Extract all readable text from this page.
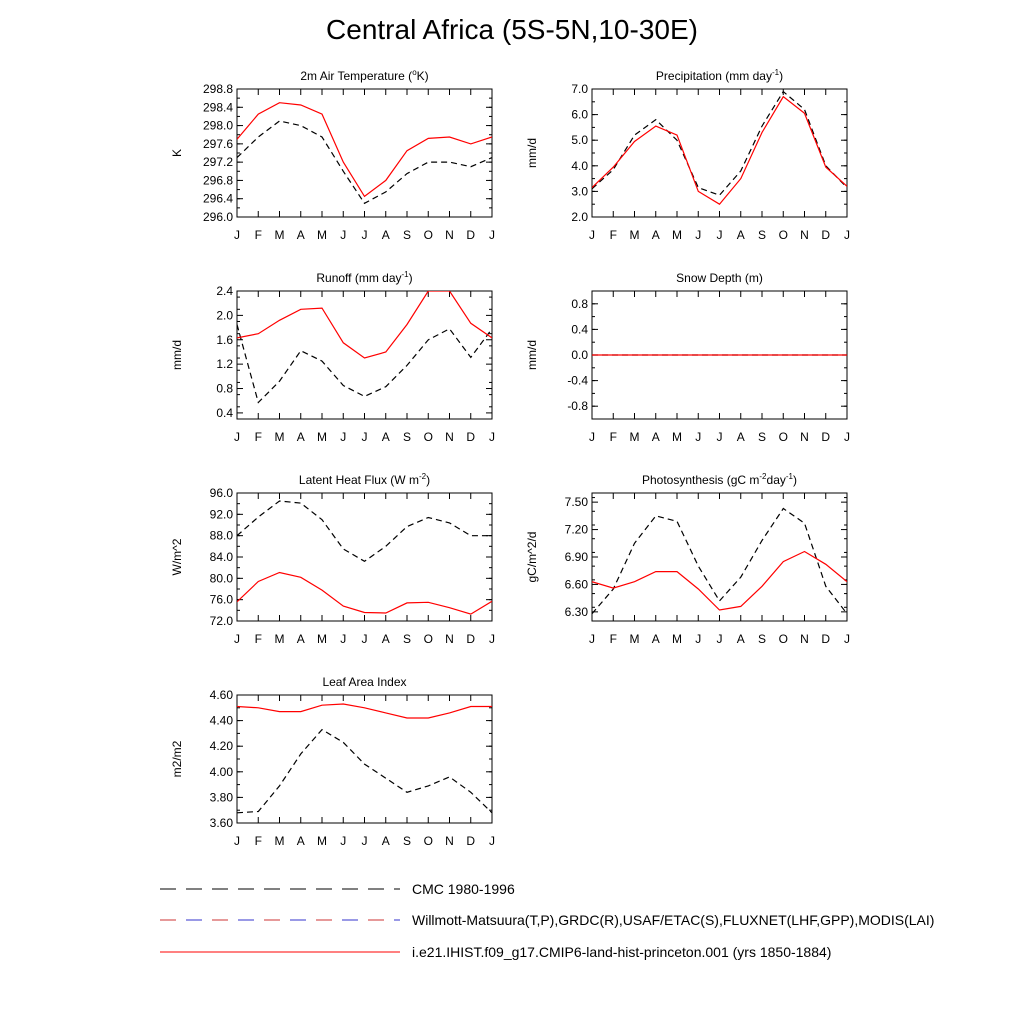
Central Africa (5S-5N,10-30E)
2m Air Temperature ($^o$K)
K
296.0
296.4
296.8
297.2
297.6
298.0
298.4
298.8
J F M A M J J A S O N D J
Precipitation (mm day$^{-1}$)
mm/d
2.0
3.0
4.0
5.0
6.0
7.0
J F M A M J J A S O N D J
Runoff (mm day$^{-1}$)
mm/d
0.4
0.8
1.2
1.6
2.0
2.4
J F M A M J J A S O N D J
Snow Depth (m)
mm/d
-0.8
-0.4
0.0
0.4
0.8
J F M A M J J A S O N D J
Latent Heat Flux (W $m^{-2}$)
W/m^2
72.0
76.0
80.0
84.0
88.0
92.0
96.0
J F M A M J J A S O N D J
Photosynthesis (gC $m^{-2}day^{-1}$)
gC/m^2/d
6.30
6.60
6.90
7.20
7.50
J F M A M J J A S O N D J
Leaf Area Index
m2/m2
3.60
3.80
4.00
4.20
4.40
4.60
J F M A M J J A S O N D J
CMC 1980-1996
Willmott-Matsuura(T,P),GRDC(R),USAF/ETAC(S),FLUXNET(LHF,GPP),MODIS(LAI)
i.e21.IHIST.f09_g17.CMIP6-land-hist-princeton.001 (yrs 1850-1884)
